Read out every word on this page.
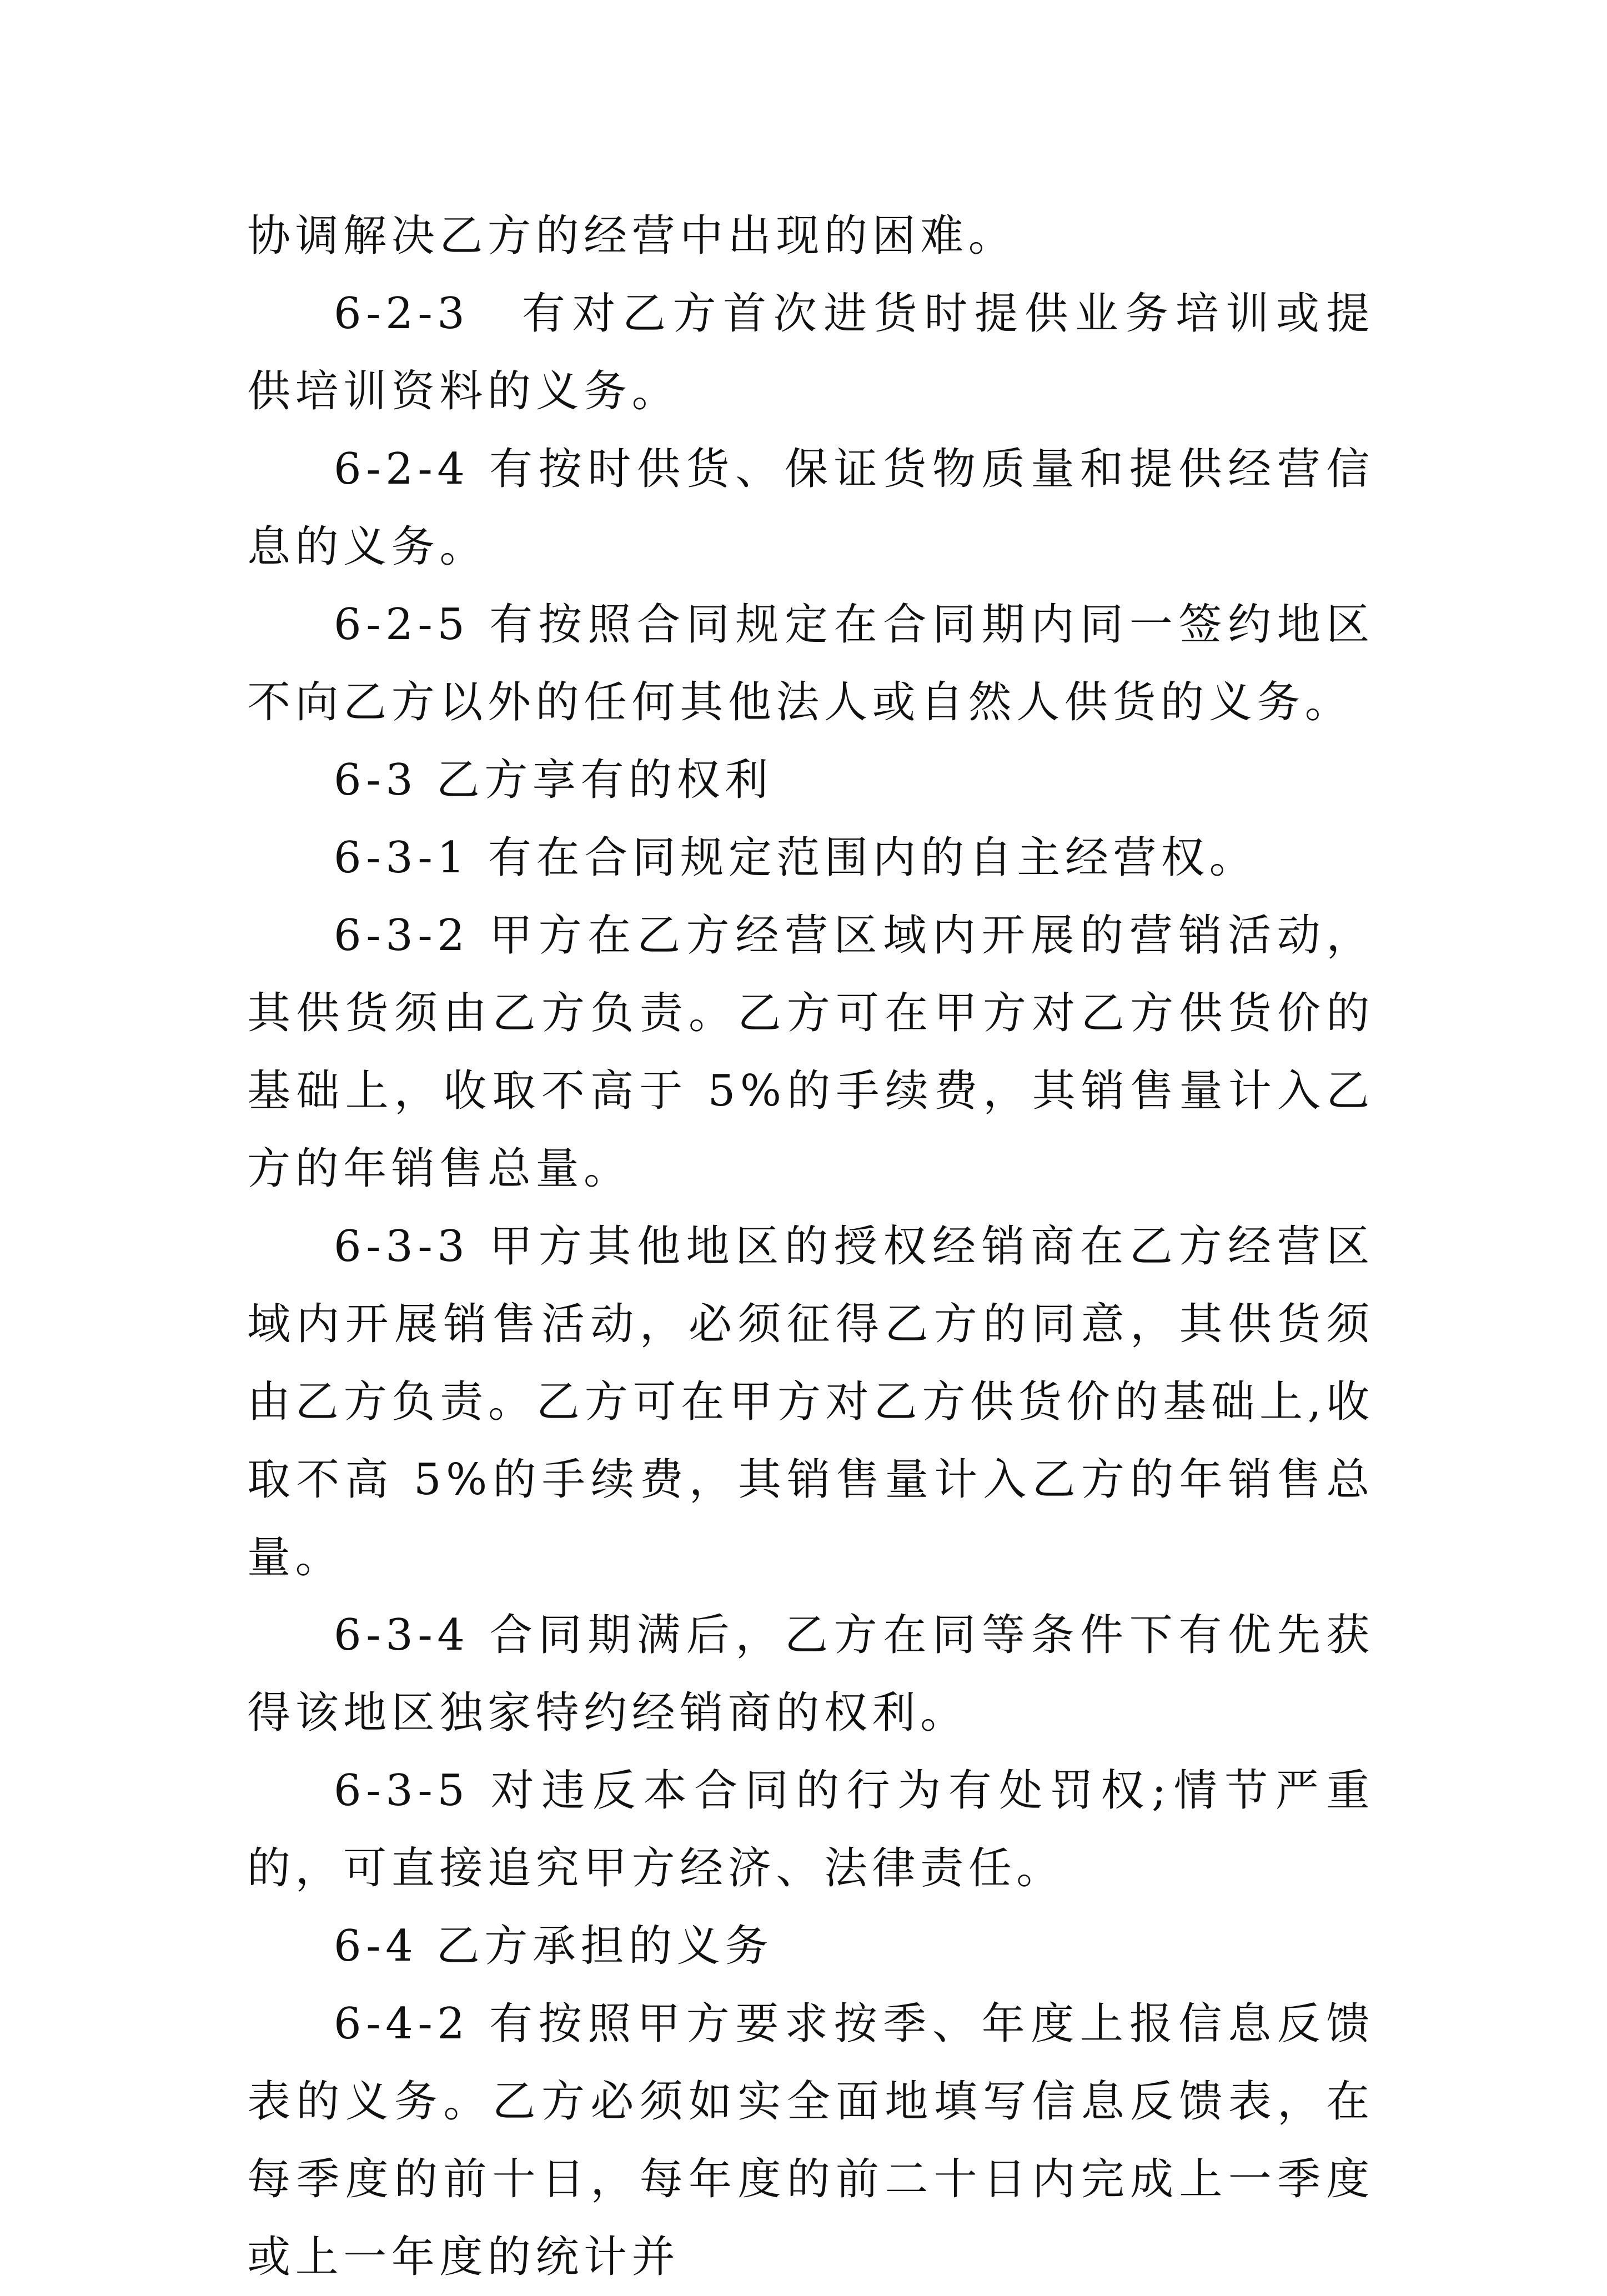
协调解决乙方的经营中出现的困难。

6-2-3　有对乙方首次进货时提供业务培训或提供培训资料的义务。

6-2-4 有按时供货、保证货物质量和提供经营信息的义务。

6-2-5 有按照合同规定在合同期内同一签约地区不向乙方以外的任何其他法人或自然人供货的义务。

6-3 乙方享有的权利

6-3-1 有在合同规定范围内的自主经营权。

6-3-2 甲方在乙方经营区域内开展的营销活动，其供货须由乙方负责。乙方可在甲方对乙方供货价的基础上，收取不高于 5%的手续费，其销售量计入乙方的年销售总量。

6-3-3 甲方其他地区的授权经销商在乙方经营区域内开展销售活动，必须征得乙方的同意，其供货须由乙方负责。乙方可在甲方对乙方供货价的基础上,收取不高 5%的手续费，其销售量计入乙方的年销售总量。

6-3-4 合同期满后，乙方在同等条件下有优先获得该地区独家特约经销商的权利。

6-3-5 对违反本合同的行为有处罚权;情节严重的，可直接追究甲方经济、法律责任。

6-4 乙方承担的义务

6-4-2 有按照甲方要求按季、年度上报信息反馈表的义务。乙方必须如实全面地填写信息反馈表，在每季度的前十日，每年度的前二十日内完成上一季度或上一年度的统计并
